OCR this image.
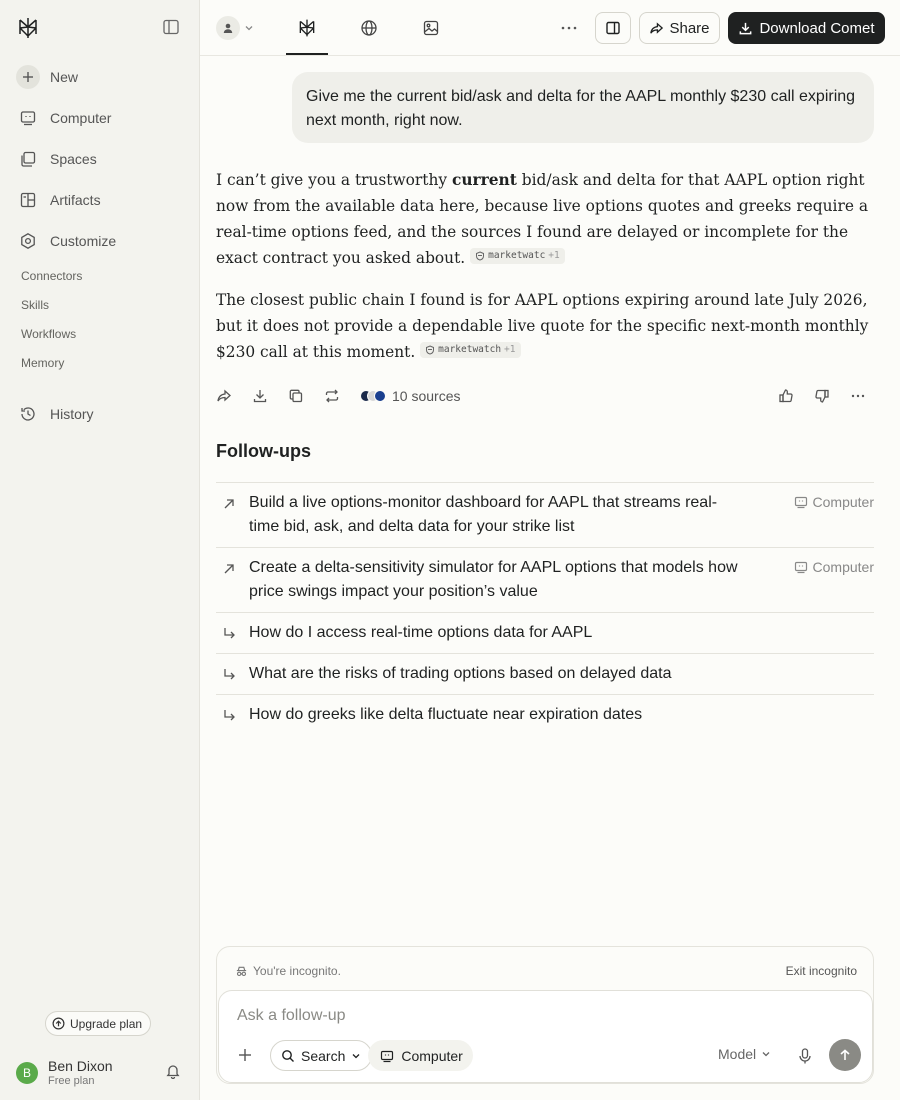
New
Computer
Spaces
Artifacts
Customize
Connectors
Skills
Workflows
Memory
History
Upgrade plan
B	Ben Dixon
Free plan
Share	Download Comet
Give me the current bid/ask and delta for the AAPL monthly $230 call expiring next month, right now.

I can’t give you a trustworthy current bid/ask and delta for that AAPL option right now from the available data here, because live options quotes and greeks require a real-time options feed, and the sources I found are delayed or incomplete for the exact contract you asked about. marketwatc +1

The closest public chain I found is for AAPL options expiring around late July 2026, but it does not provide a dependable live quote for the specific next-month monthly $230 call at this moment. marketwatch +1

10 sources
Follow-ups
Build a live options-monitor dashboard for AAPL that streams real-time bid, ask, and delta data for your strike list
Computer
Create a delta-sensitivity simulator for AAPL options that models how price swings impact your position’s value
Computer
How do I access real-time options data for AAPL
What are the risks of trading options based on delayed data
How do greeks like delta fluctuate near expiration dates
You're incognito.	Exit incognito
Ask a follow-up
Search	Computer	Model
